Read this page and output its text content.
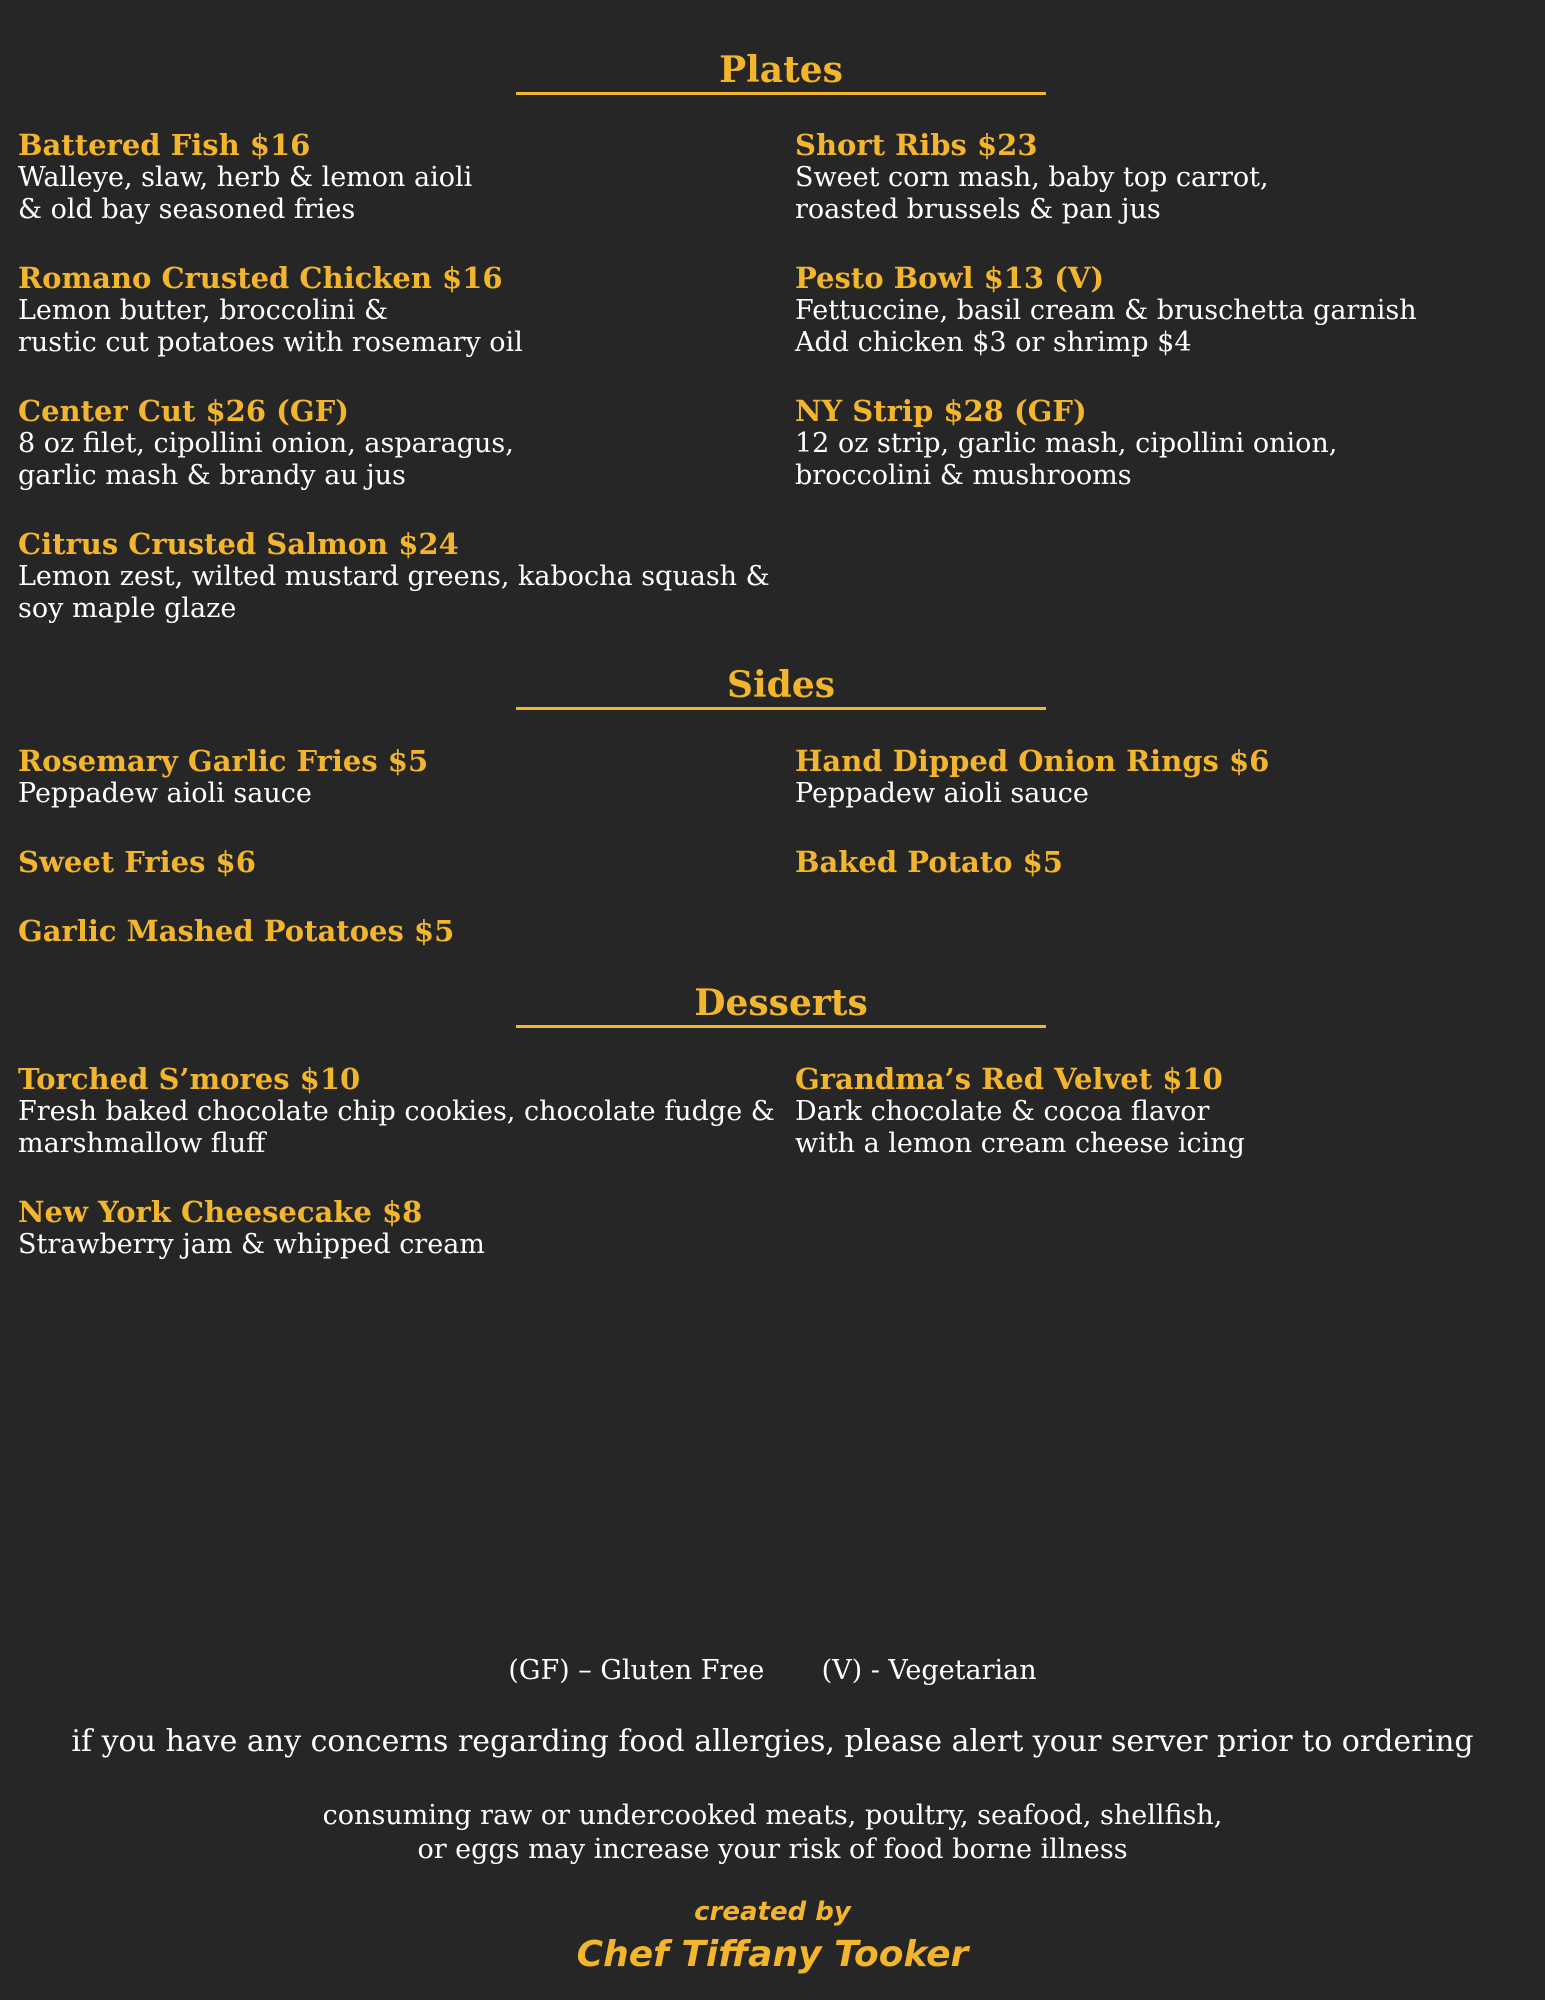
Plates
Battered Fish $16
Walleye, slaw, herb & lemon aioli
& old bay seasoned fries
Short Ribs $23
Sweet corn mash, baby top carrot,
roasted brussels & pan jus
Romano Crusted Chicken $16
Lemon butter, broccolini &
rustic cut potatoes with rosemary oil
Pesto Bowl $13 (V)
Fettuccine, basil cream & bruschetta garnish
Add chicken $3 or shrimp $4
Center Cut $26 (GF)
8 oz filet, cipollini onion, asparagus,
garlic mash & brandy au jus
NY Strip $28 (GF)
12 oz strip, garlic mash, cipollini onion,
broccolini & mushrooms
Citrus Crusted Salmon $24
Lemon zest, wilted mustard greens, kabocha squash &
soy maple glaze
Sides
Rosemary Garlic Fries $5
Peppadew aioli sauce
Hand Dipped Onion Rings $6
Peppadew aioli sauce
Sweet Fries $6	Baked Potato $5
Garlic Mashed Potatoes $5
Desserts
Torched S’mores $10
Fresh baked chocolate chip cookies, chocolate fudge &
marshmallow fluff
Grandma’s Red Velvet $10
Dark chocolate & cocoa flavor
with a lemon cream cheese icing
New York Cheesecake $8
Strawberry jam & whipped cream
(GF) – Gluten Free (V) - Vegetarian
if you have any concerns regarding food allergies, please alert your server prior to ordering
consuming raw or undercooked meats, poultry, seafood, shellfish,
or eggs may increase your risk of food borne illness
created by
Chef Tiffany Tooker
